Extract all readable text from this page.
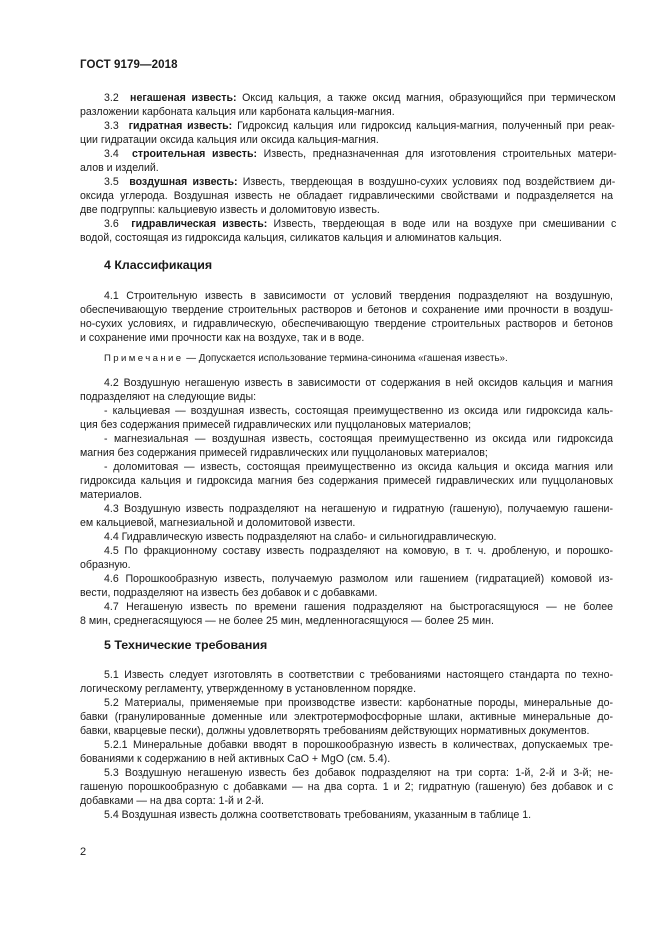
ГОСТ 9179—2018
3.2  негашеная известь: Оксид кальция, а также оксид магния, образующийся при термическом
разложении карбоната кальция или карбоната кальция-магния.
3.3  гидратная известь: Гидроксид кальция или гидроксид кальция-магния, полученный при реак-
ции гидратации оксида кальция или оксида кальция-магния.
3.4  строительная известь: Известь, предназначенная для изготовления строительных матери-
алов и изделий.
3.5  воздушная известь: Известь, твердеющая в воздушно-сухих условиях под воздействием ди-
оксида углерода. Воздушная известь не обладает гидравлическими свойствами и подразделяется на
две подгруппы: кальциевую известь и доломитовую известь.
3.6  гидравлическая известь: Известь, твердеющая в воде или на воздухе при смешивании с
водой, состоящая из гидроксида кальция, силикатов кальция и алюминатов кальция.
4 Классификация
4.1 Строительную известь в зависимости от условий твердения подразделяют на воздушную,
обеспечивающую твердение строительных растворов и бетонов и сохранение ими прочности в воздуш-
но-сухих условиях, и гидравлическую, обеспечивающую твердение строительных растворов и бетонов
и сохранение ими прочности как на воздухе, так и в воде.
Примечание — Допускается использование термина-синонима «гашеная известь».
4.2 Воздушную негашеную известь в зависимости от содержания в ней оксидов кальция и магния
подразделяют на следующие виды:
- кальциевая — воздушная известь, состоящая преимущественно из оксида или гидроксида каль-
ция без содержания примесей гидравлических или пуццолановых материалов;
- магнезиальная — воздушная известь, состоящая преимущественно из оксида или гидроксида
магния без содержания примесей гидравлических или пуццолановых материалов;
- доломитовая — известь, состоящая преимущественно из оксида кальция и оксида магния или
гидроксида кальция и гидроксида магния без содержания примесей гидравлических или пуццолановых
материалов.
4.3 Воздушную известь подразделяют на негашеную и гидратную (гашеную), получаемую гашени-
ем кальциевой, магнезиальной и доломитовой извести.
4.4 Гидравлическую известь подразделяют на слабо- и сильногидравлическую.
4.5 По фракционному составу известь подразделяют на комовую, в т. ч. дробленую, и порошко-
образную.
4.6 Порошкообразную известь, получаемую размолом или гашением (гидратацией) комовой из-
вести, подразделяют на известь без добавок и с добавками.
4.7 Негашеную известь по времени гашения подразделяют на быстрогасящуюся — не более
8 мин, среднегасящуюся — не более 25 мин, медленногасящуюся — более 25 мин.
5 Технические требования
5.1 Известь следует изготовлять в соответствии с требованиями настоящего стандарта по техно-
логическому регламенту, утвержденному в установленном порядке.
5.2 Материалы, применяемые при производстве извести: карбонатные породы, минеральные до-
бавки (гранулированные доменные или электротермофосфорные шлаки, активные минеральные до-
бавки, кварцевые пески), должны удовлетворять требованиям действующих нормативных документов.
5.2.1 Минеральные добавки вводят в порошкообразную известь в количествах, допускаемых тре-
бованиями к содержанию в ней активных CaO + MgO (см. 5.4).
5.3 Воздушную негашеную известь без добавок подразделяют на три сорта: 1-й, 2-й и 3-й; не-
гашеную порошкообразную с добавками — на два сорта. 1 и 2; гидратную (гашеную) без добавок и с
добавками — на два сорта: 1-й и 2-й.
5.4 Воздушная известь должна соответствовать требованиям, указанным в таблице 1.
2
